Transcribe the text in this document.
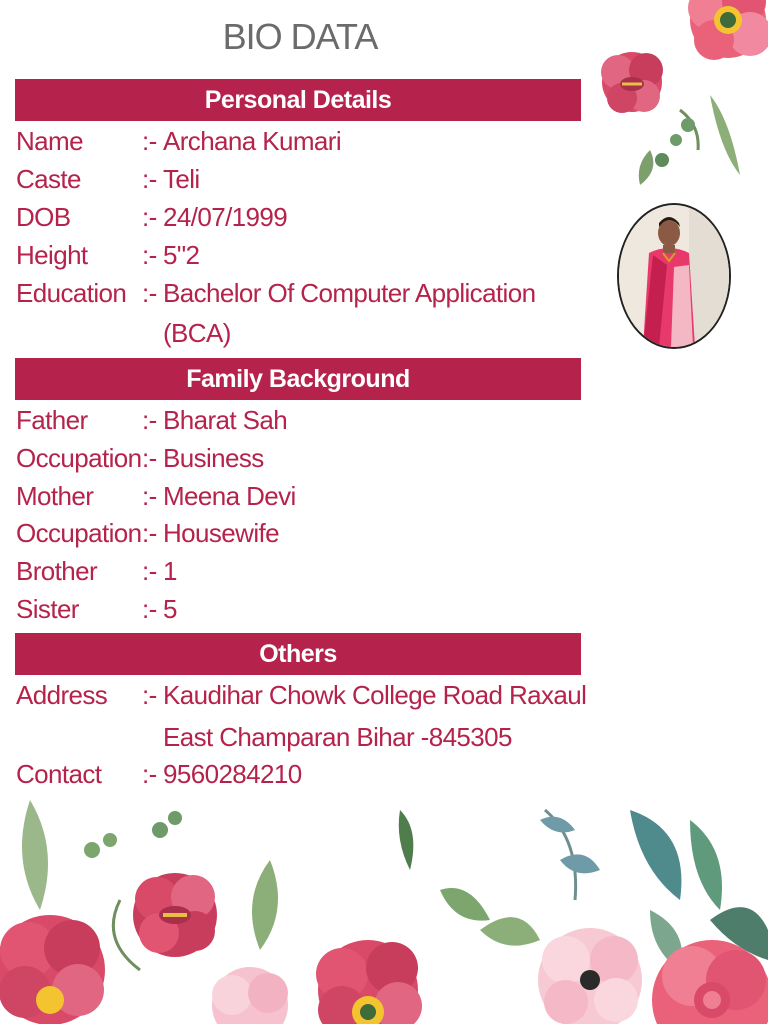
BIO DATA
Personal Details
Name :- Archana Kumari
Caste :- Teli
DOB	:- 24/07/1999
Height :- 5"2
Education :- Bachelor Of Computer Application
(BCA)
Family Background
Father :- Bharat Sah
Occupation:- Business
Mother :- Meena Devi
Occupation:- Housewife
Brother :- 1
Sister :- 5
Others
Address :- Kaudihar Chowk College Road Raxaul
East Champaran Bihar -845305
Contact :- 9560284210
